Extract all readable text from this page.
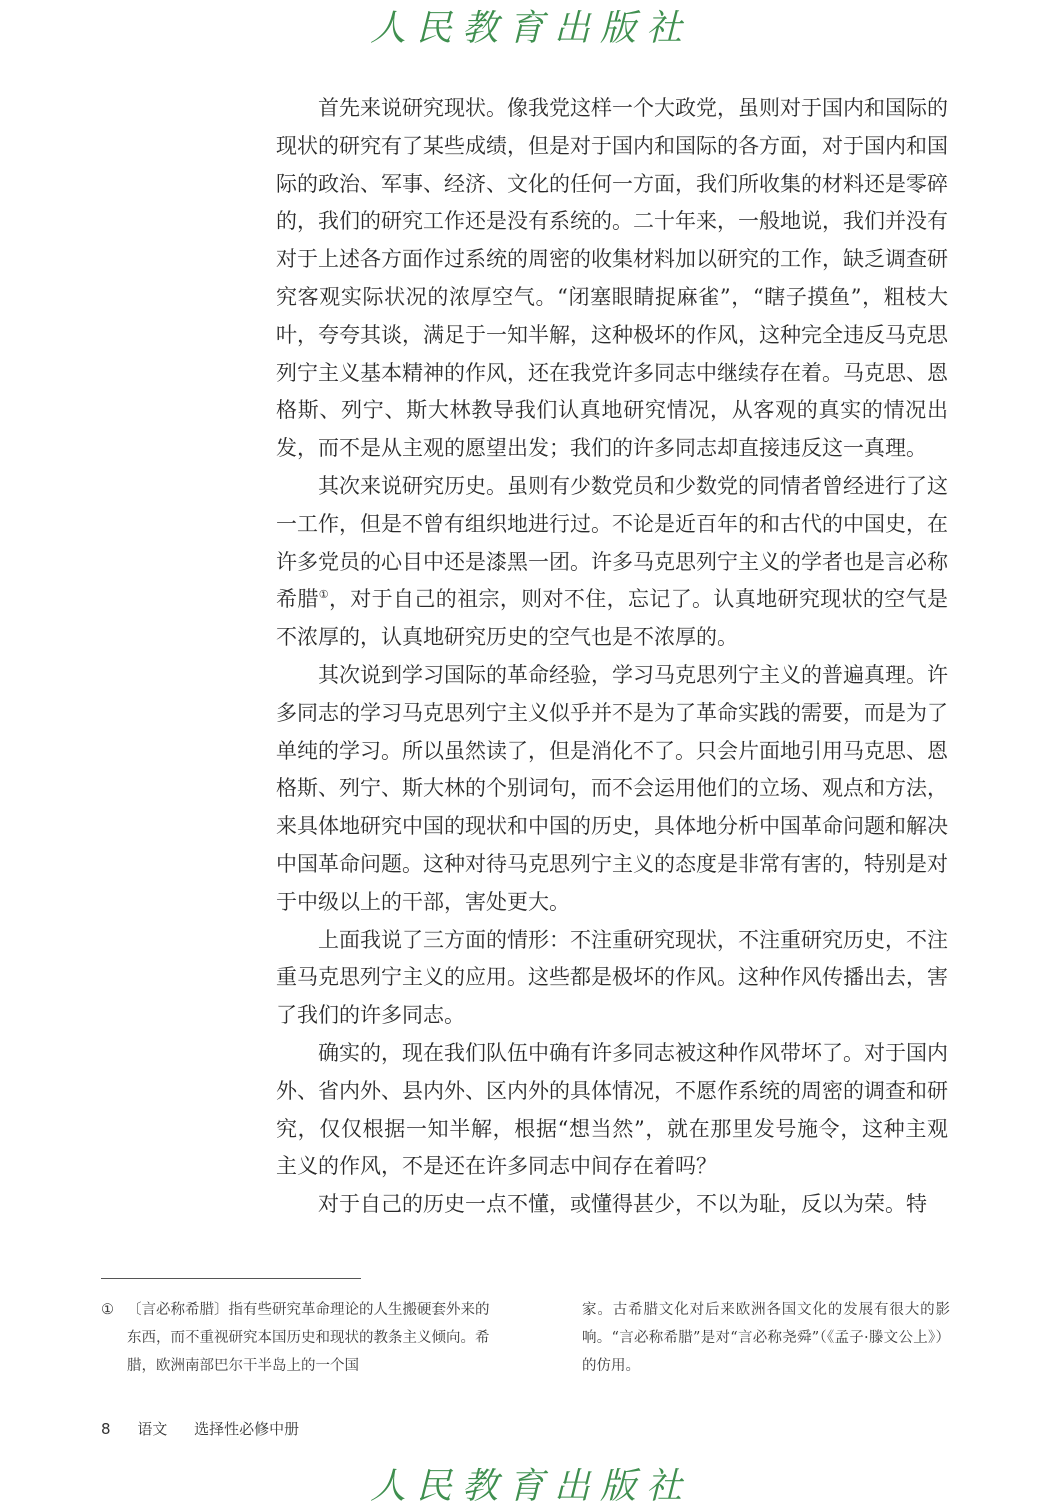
人民教育出版社

首先来说研究现状。像我党这样一个大政党，虽则对于国内和国际的现状的研究有了某些成绩，但是对于国内和国际的各方面，对于国内和国际的政治、军事、经济、文化的任何一方面，我们所收集的材料还是零碎的，我们的研究工作还是没有系统的。二十年来，一般地说，我们并没有对于上述各方面作过系统的周密的收集材料加以研究的工作，缺乏调查研究客观实际状况的浓厚空气。“闭塞眼睛捉麻雀”，“瞎子摸鱼”，粗枝大叶，夸夸其谈，满足于一知半解，这种极坏的作风，这种完全违反马克思列宁主义基本精神的作风，还在我党许多同志中继续存在着。马克思、恩格斯、列宁、斯大林教导我们认真地研究情况，从客观的真实的情况出发，而不是从主观的愿望出发；我们的许多同志却直接违反这一真理。

其次来说研究历史。虽则有少数党员和少数党的同情者曾经进行了这一工作，但是不曾有组织地进行过。不论是近百年的和古代的中国史，在许多党员的心目中还是漆黑一团。许多马克思列宁主义的学者也是言必称希腊①，对于自己的祖宗，则对不住，忘记了。认真地研究现状的空气是不浓厚的，认真地研究历史的空气也是不浓厚的。

其次说到学习国际的革命经验，学习马克思列宁主义的普遍真理。许多同志的学习马克思列宁主义似乎并不是为了革命实践的需要，而是为了单纯的学习。所以虽然读了，但是消化不了。只会片面地引用马克思、恩格斯、列宁、斯大林的个别词句，而不会运用他们的立场、观点和方法，来具体地研究中国的现状和中国的历史，具体地分析中国革命问题和解决中国革命问题。这种对待马克思列宁主义的态度是非常有害的，特别是对于中级以上的干部，害处更大。

上面我说了三方面的情形：不注重研究现状，不注重研究历史，不注重马克思列宁主义的应用。这些都是极坏的作风。这种作风传播出去，害了我们的许多同志。

确实的，现在我们队伍中确有许多同志被这种作风带坏了。对于国内外、省内外、县内外、区内外的具体情况，不愿作系统的周密的调查和研究，仅仅根据一知半解，根据“想当然”，就在那里发号施令，这种主观主义的作风，不是还在许多同志中间存在着吗？

对于自己的历史一点不懂，或懂得甚少，不以为耻，反以为荣。特

① 〔言必称希腊〕指有些研究革命理论的人生搬硬套外来的东西，而不重视研究本国历史和现状的教条主义倾向。希腊，欧洲南部巴尔干半岛上的一个国
家。古希腊文化对后来欧洲各国文化的发展有很大的影响。“言必称希腊”是对“言必称尧舜”（《孟子·滕文公上》）的仿用。
8 语文 选择性必修中册
人民教育出版社
